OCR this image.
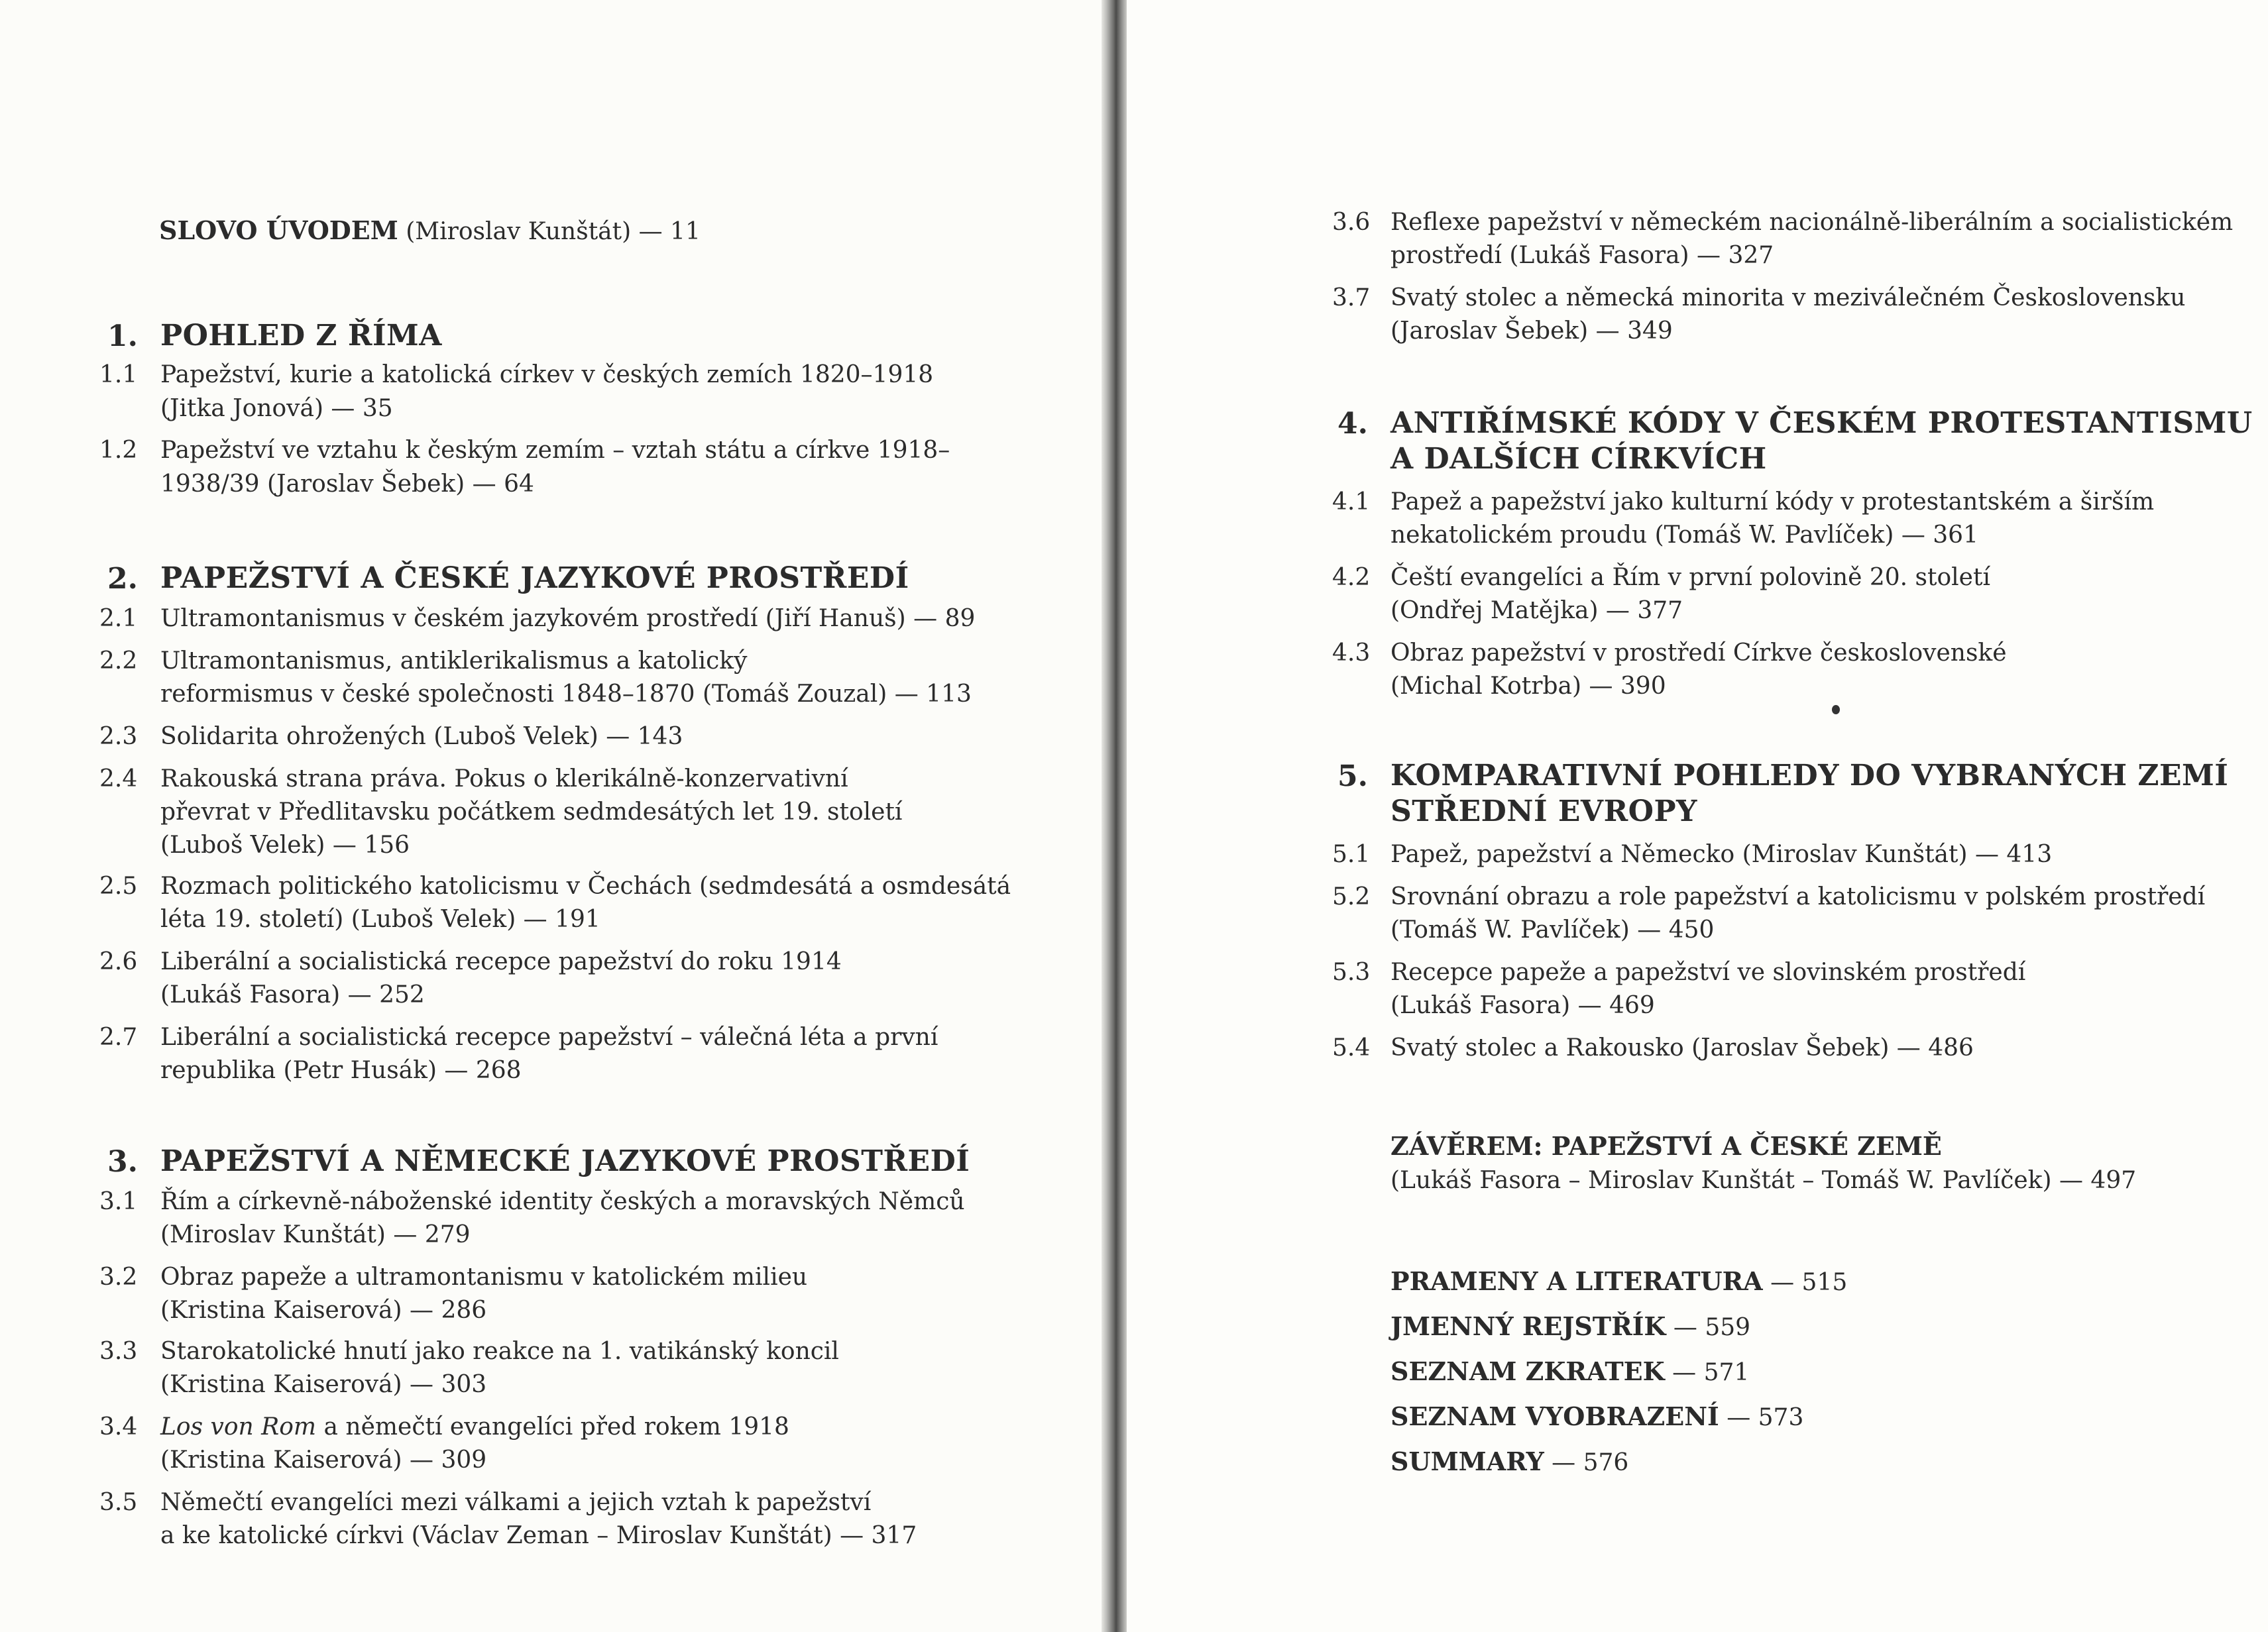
SLOVO ÚVODEM (Miroslav Kunštát) — 11
1. POHLED Z ŘÍMA
1.1 Papežství, kurie a katolická církev v českých zemích 1820–1918
(Jitka Jonová) — 35
1.2 Papežství ve vztahu k českým zemím – vztah státu a církve 1918–
1938/39 (Jaroslav Šebek) — 64
2. PAPEŽSTVÍ A ČESKÉ JAZYKOVÉ PROSTŘEDÍ
2.1 Ultramontanismus v českém jazykovém prostředí (Jiří Hanuš) — 89
2.2 Ultramontanismus, antiklerikalismus a katolický
reformismus v české společnosti 1848–1870 (Tomáš Zouzal) — 113
2.3 Solidarita ohrožených (Luboš Velek) — 143
2.4 Rakouská strana práva. Pokus o klerikálně-konzervativní
převrat v Předlitavsku počátkem sedmdesátých let 19. století
(Luboš Velek) — 156
2.5 Rozmach politického katolicismu v Čechách (sedmdesátá a osmdesátá
léta 19. století) (Luboš Velek) — 191
2.6 Liberální a socialistická recepce papežství do roku 1914
(Lukáš Fasora) — 252
2.7 Liberální a socialistická recepce papežství – válečná léta a první
republika (Petr Husák) — 268
3. PAPEŽSTVÍ A NĚMECKÉ JAZYKOVÉ PROSTŘEDÍ
3.1 Řím a církevně-náboženské identity českých a moravských Němců
(Miroslav Kunštát) — 279
3.2 Obraz papeže a ultramontanismu v katolickém milieu
(Kristina Kaiserová) — 286
3.3 Starokatolické hnutí jako reakce na 1. vatikánský koncil
(Kristina Kaiserová) — 303
3.4 Los von Rom a němečtí evangelíci před rokem 1918
(Kristina Kaiserová) — 309
3.5 Němečtí evangelíci mezi válkami a jejich vztah k papežství
a ke katolické církvi (Václav Zeman – Miroslav Kunštát) — 317
3.6 Reflexe papežství v německém nacionálně-liberálním a socialistickém
prostředí (Lukáš Fasora) — 327
3.7 Svatý stolec a německá minorita v meziválečném Československu
(Jaroslav Šebek) — 349
4. ANTIŘÍMSKÉ KÓDY V ČESKÉM PROTESTANTISMU
A DALŠÍCH CÍRKVÍCH
4.1 Papež a papežství jako kulturní kódy v protestantském a širším
nekatolickém proudu (Tomáš W. Pavlíček) — 361
4.2 Čeští evangelíci a Řím v první polovině 20. století
(Ondřej Matějka) — 377
4.3 Obraz papežství v prostředí Církve československé
(Michal Kotrba) — 390
5. KOMPARATIVNÍ POHLEDY DO VYBRANÝCH ZEMÍ
STŘEDNÍ EVROPY
5.1 Papež, papežství a Německo (Miroslav Kunštát) — 413
5.2 Srovnání obrazu a role papežství a katolicismu v polském prostředí
(Tomáš W. Pavlíček) — 450
5.3 Recepce papeže a papežství ve slovinském prostředí
(Lukáš Fasora) — 469
5.4 Svatý stolec a Rakousko (Jaroslav Šebek) — 486
ZÁVĚREM: PAPEŽSTVÍ A ČESKÉ ZEMĚ
(Lukáš Fasora – Miroslav Kunštát – Tomáš W. Pavlíček) — 497
PRAMENY A LITERATURA — 515
JMENNÝ REJSTŘÍK — 559
SEZNAM ZKRATEK — 571
SEZNAM VYOBRAZENÍ — 573
SUMMARY — 576
